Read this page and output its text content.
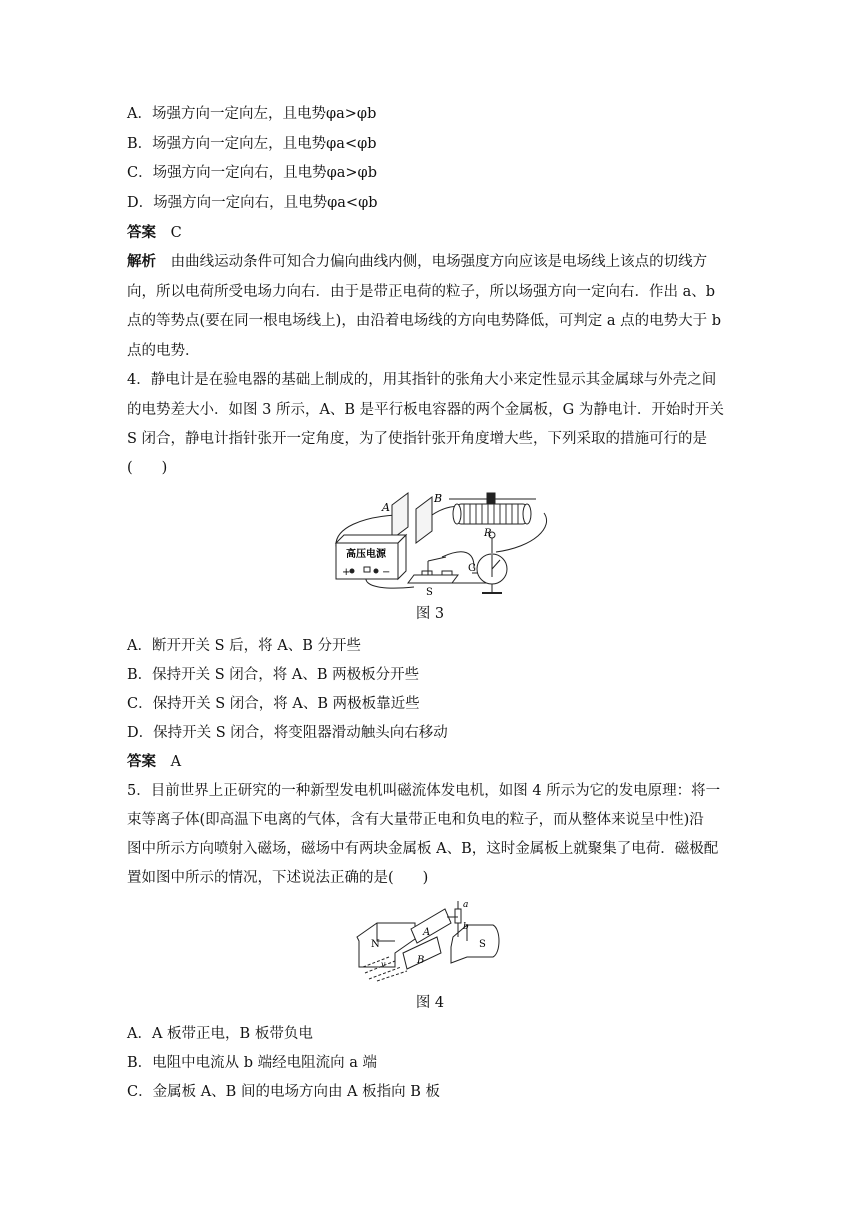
A．场强方向一定向左，且电势φa>φb
B．场强方向一定向左，且电势φa<φb
C．场强方向一定向右，且电势φa>φb
D．场强方向一定向右，且电势φa<φb
答案 C
解析 由曲线运动条件可知合力偏向曲线内侧，电场强度方向应该是电场线上该点的切线方
向，所以电荷所受电场力向右．由于是带正电荷的粒子，所以场强方向一定向右．作出 a、b
点的等势点(要在同一根电场线上)，由沿着电场线的方向电势降低，可判定 a 点的电势大于 b
点的电势．
4．静电计是在验电器的基础上制成的，用其指针的张角大小来定性显示其金属球与外壳之间
的电势差大小．如图 3 所示，A、B 是平行板电容器的两个金属板，G 为静电计．开始时开关
S 闭合，静电计指针张开一定角度，为了使指针张开角度增大些，下列采取的措施可行的是
(　　)
A
B
R
高压电源
+	−
S
G
图 3
A．断开开关 S 后，将 A、B 分开些
B．保持开关 S 闭合，将 A、B 两极板分开些
C．保持开关 S 闭合，将 A、B 两极板靠近些
D．保持开关 S 闭合，将变阻器滑动触头向右移动
答案 A
5．目前世界上正研究的一种新型发电机叫磁流体发电机，如图 4 所示为它的发电原理：将一
束等离子体(即高温下电离的气体，含有大量带正电和负电的粒子，而从整体来说呈中性)沿
图中所示方向喷射入磁场，磁场中有两块金属板 A、B，这时金属板上就聚集了电荷．磁极配
置如图中所示的情况，下述说法正确的是(　　)
N	S
A
B
a
b
v
图 4
A．A 板带正电，B 板带负电
B．电阻中电流从 b 端经电阻流向 a 端
C．金属板 A、B 间的电场方向由 A 板指向 B 板
